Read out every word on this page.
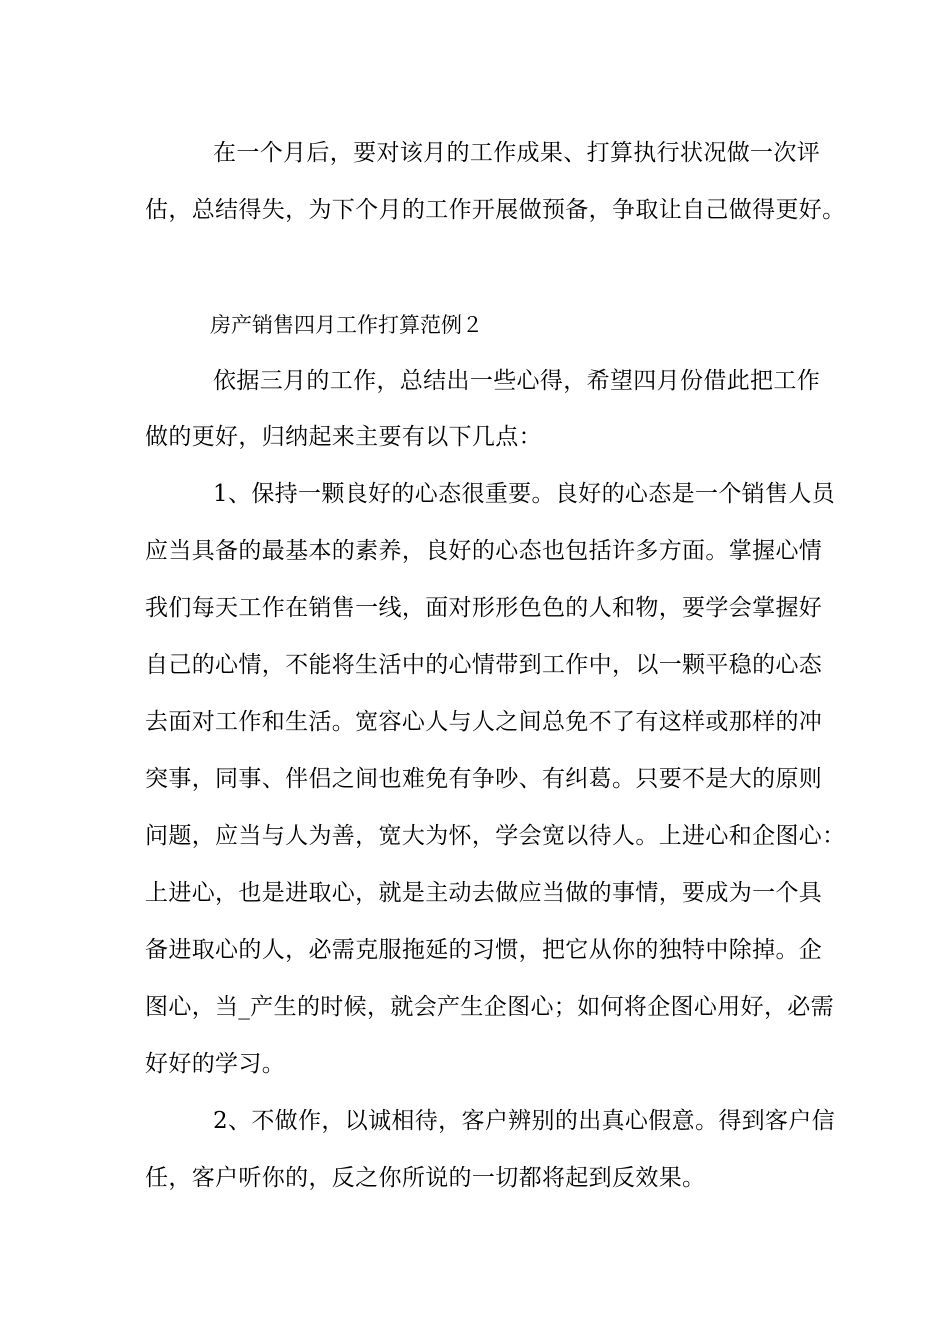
在一个月后，要对该月的工作成果、打算执行状况做一次评
估，总结得失，为下个月的工作开展做预备，争取让自己做得更好。
房产销售四月工作打算范例２
依据三月的工作，总结出一些心得，希望四月份借此把工作
做的更好，归纳起来主要有以下几点：
1、保持一颗良好的心态很重要。良好的心态是一个销售人员
应当具备的最基本的素养，良好的心态也包括许多方面。掌握心情
我们每天工作在销售一线，面对形形色色的人和物，要学会掌握好
自己的心情，不能将生活中的心情带到工作中，以一颗平稳的心态
去面对工作和生活。宽容心人与人之间总免不了有这样或那样的冲
突事，同事、伴侣之间也难免有争吵、有纠葛。只要不是大的原则
问题，应当与人为善，宽大为怀，学会宽以待人。上进心和企图心：
上进心，也是进取心，就是主动去做应当做的事情，要成为一个具
备进取心的人，必需克服拖延的习惯，把它从你的独特中除掉。企
图心，当_产生的时候，就会产生企图心；如何将企图心用好，必需
好好的学习。
2、不做作，以诚相待，客户辨别的出真心假意。得到客户信
任，客户听你的，反之你所说的一切都将起到反效果。
